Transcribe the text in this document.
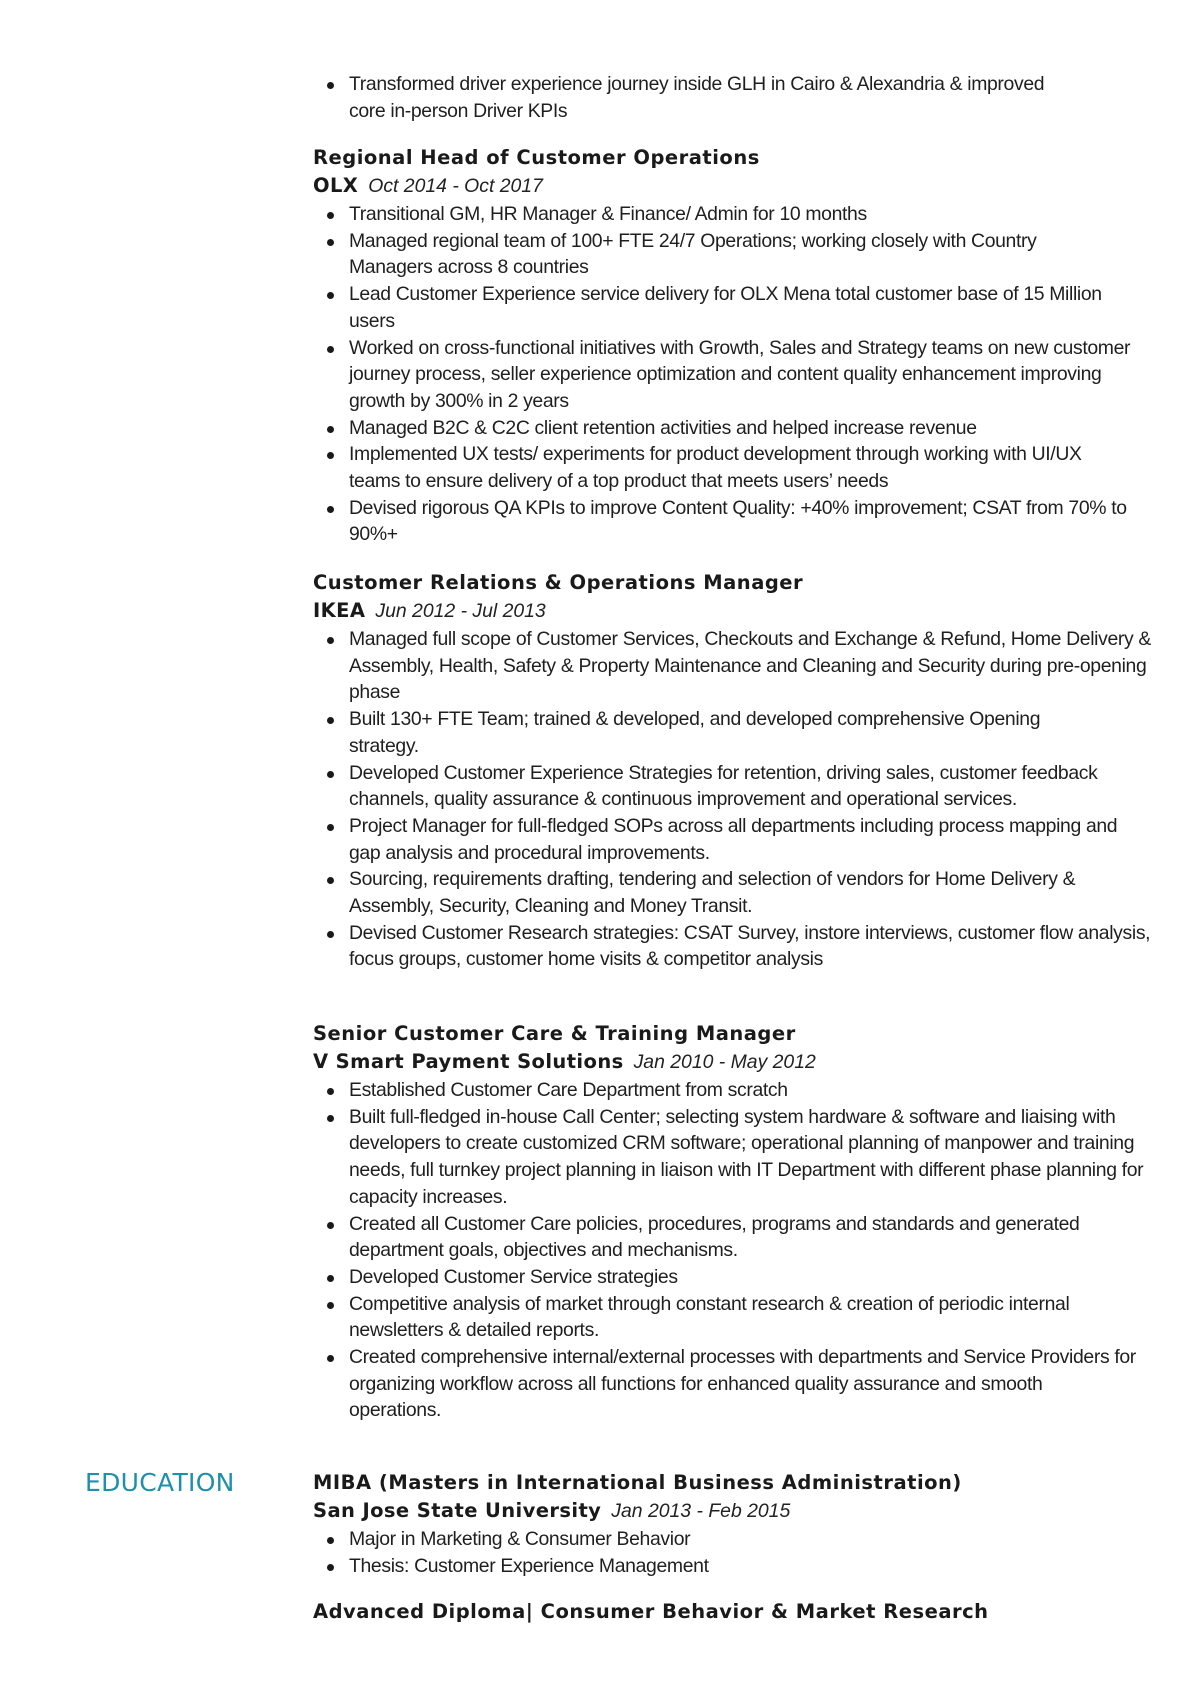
Transformed driver experience journey inside GLH in Cairo & Alexandria & improved core in-person Driver KPIs
Regional Head of Customer Operations
OLX Oct 2014 - Oct 2017
Transitional GM, HR Manager & Finance/ Admin for 10 months
Managed regional team of 100+ FTE 24/7 Operations; working closely with Country Managers across 8 countries
Lead Customer Experience service delivery for OLX Mena total customer base of 15 Million users
Worked on cross-functional initiatives with Growth, Sales and Strategy teams on new customer journey process, seller experience optimization and content quality enhancement improving growth by 300% in 2 years
Managed B2C & C2C client retention activities and helped increase revenue
Implemented UX tests/ experiments for product development through working with UI/UX teams to ensure delivery of a top product that meets users’ needs
Devised rigorous QA KPIs to improve Content Quality: +40% improvement; CSAT from 70% to 90%+
Customer Relations & Operations Manager
IKEA Jun 2012 - Jul 2013
Managed full scope of Customer Services, Checkouts and Exchange & Refund, Home Delivery & Assembly, Health, Safety & Property Maintenance and Cleaning and Security during pre-opening phase
Built 130+ FTE Team; trained & developed, and developed comprehensive Opening strategy.
Developed Customer Experience Strategies for retention, driving sales, customer feedback channels, quality assurance & continuous improvement and operational services.
Project Manager for full-fledged SOPs across all departments including process mapping and gap analysis and procedural improvements.
Sourcing, requirements drafting, tendering and selection of vendors for Home Delivery & Assembly, Security, Cleaning and Money Transit.
Devised Customer Research strategies: CSAT Survey, instore interviews, customer flow analysis, focus groups, customer home visits & competitor analysis
Senior Customer Care & Training Manager
V Smart Payment Solutions Jan 2010 - May 2012
Established Customer Care Department from scratch
Built full-fledged in-house Call Center; selecting system hardware & software and liaising with developers to create customized CRM software; operational planning of manpower and training needs, full turnkey project planning in liaison with IT Department with different phase planning for capacity increases.
Created all Customer Care policies, procedures, programs and standards and generated department goals, objectives and mechanisms.
Developed Customer Service strategies
Competitive analysis of market through constant research & creation of periodic internal newsletters & detailed reports.
Created comprehensive internal/external processes with departments and Service Providers for organizing workflow across all functions for enhanced quality assurance and smooth operations.
EDUCATION	MIBA (Masters in International Business Administration)
San Jose State University Jan 2013 - Feb 2015
Major in Marketing & Consumer Behavior
Thesis: Customer Experience Management
Advanced Diploma| Consumer Behavior & Market Research
